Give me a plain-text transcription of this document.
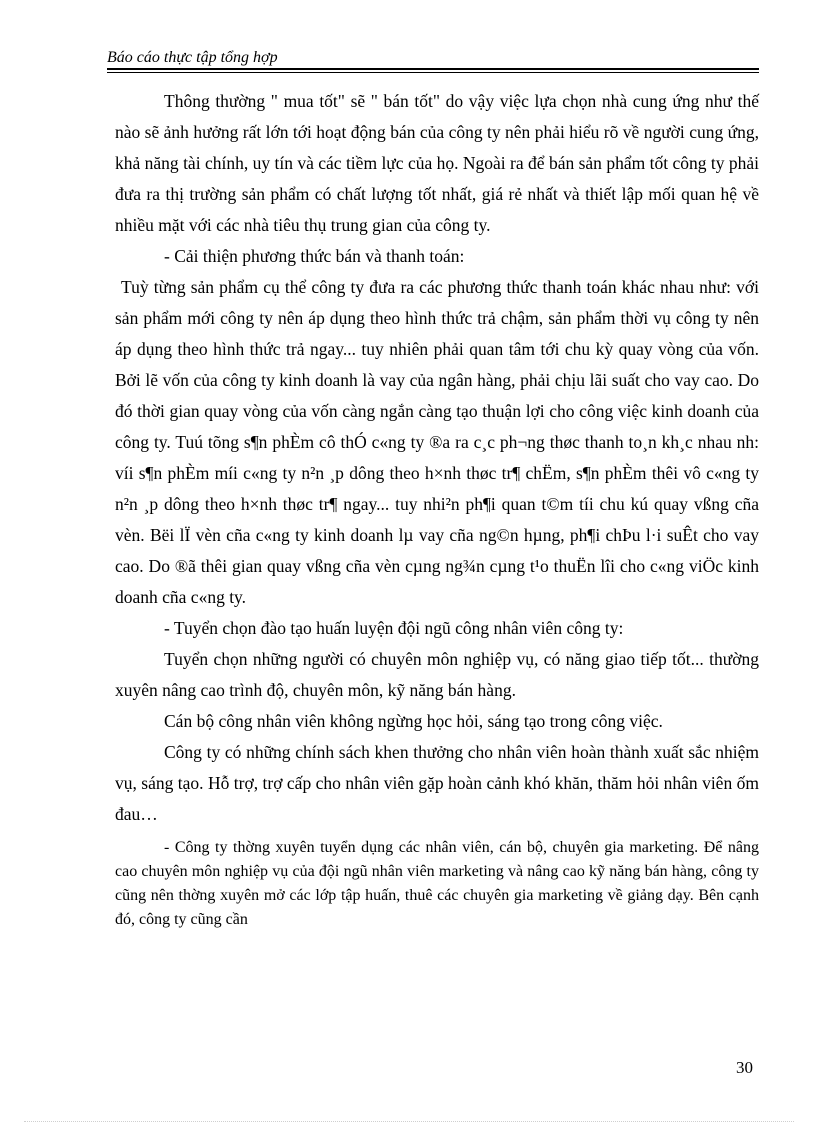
Báo cáo thực tập tổng hợp

Thông thường " mua tốt" sẽ " bán tốt" do vậy việc lựa chọn nhà cung ứng như thế nào sẽ ảnh hưởng rất lớn tới hoạt động bán của công ty nên phải hiểu rõ về người cung ứng, khả năng tài chính, uy tín và các tiềm lực của họ. Ngoài ra để bán sản phẩm tốt công ty phải đưa ra thị trường sản phẩm có chất lượng tốt nhất, giá rẻ nhất và thiết lập mối quan hệ về nhiều mặt với các nhà tiêu thụ trung gian của công ty.

- Cải thiện phương thức bán và thanh toán:

Tuỳ từng sản phẩm cụ thể công ty đưa ra các phương thức thanh toán khác nhau như: với sản phẩm mới công ty nên áp dụng theo hình thức trả chậm, sản phẩm thời vụ công ty nên áp dụng theo hình thức trả ngay... tuy nhiên phải quan tâm tới chu kỳ quay vòng của vốn. Bởi lẽ vốn của công ty kinh doanh là vay của ngân hàng, phải chịu lãi suất cho vay cao. Do đó thời gian quay vòng của vốn càng ngắn càng tạo thuận lợi cho công việc kinh doanh của công ty. Tuú tõng s¶n phÈm cô thÓ c«ng ty ®a ra c¸c ph¬ng thøc thanh to¸n kh¸c nhau nh: víi s¶n phÈm míi c«ng ty n²n ¸p dông theo h×nh thøc tr¶ chËm, s¶n phÈm thêi vô c«ng ty n²n ¸p dông theo h×nh thøc tr¶ ngay... tuy nhi²n ph¶i quan t©m tíi chu kú quay vßng cña vèn. Bëi lÏ vèn cña c«ng ty kinh doanh lµ vay cña ng©n hµng, ph¶i chÞu l·i suÊt cho vay cao. Do ®ã thêi gian quay vßng cña vèn cµng ng¾n cµng t¹o thuËn lîi cho c«ng viÖc kinh doanh cña c«ng ty.

- Tuyển chọn đào tạo huấn luyện đội ngũ công nhân viên công ty:

Tuyển chọn những người có chuyên môn nghiệp vụ, có năng giao tiếp tốt... thường xuyên nâng cao trình độ, chuyên môn, kỹ năng bán hàng.

Cán bộ công nhân viên không ngừng học hỏi, sáng tạo trong công việc.

Công ty có những chính sách khen thưởng cho nhân viên hoàn thành xuất sắc nhiệm vụ, sáng tạo. Hỗ trợ, trợ cấp cho nhân viên gặp hoàn cảnh khó khăn, thăm hỏi nhân viên ốm đau…

- Công ty thờng xuyên tuyển dụng các nhân viên, cán bộ, chuyên gia marketing. Để nâng cao chuyên môn nghiệp vụ của đội ngũ nhân viên marketing và nâng cao kỹ năng bán hàng, công ty cũng nên thờng xuyên mở các lớp tập huấn, thuê các chuyên gia marketing về giảng dạy. Bên cạnh đó, công ty cũng cần

30
